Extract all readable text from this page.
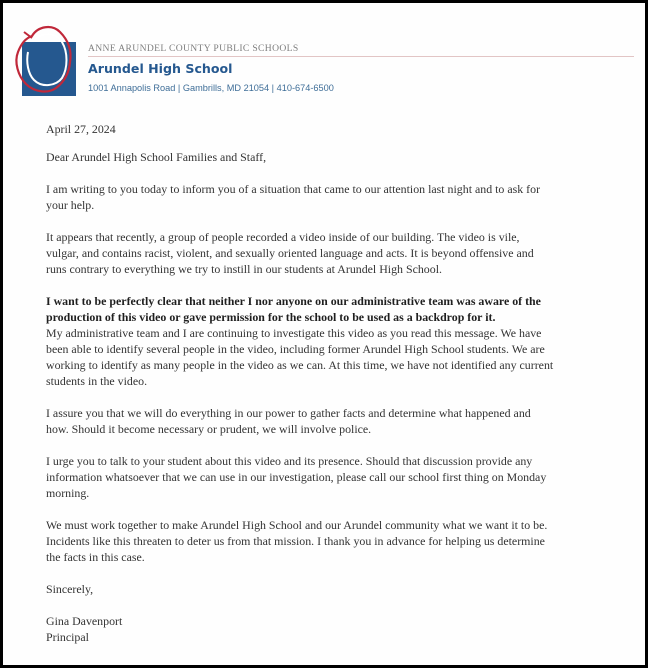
ANNE ARUNDEL COUNTY PUBLIC SCHOOLS
Arundel High School
1001 Annapolis Road | Gambrills, MD 21054 | 410-674-6500

April 27, 2024

Dear Arundel High School Families and Staff,

I am writing to you today to inform you of a situation that came to our attention last night and to ask for
your help.

It appears that recently, a group of people recorded a video inside of our building. The video is vile,
vulgar, and contains racist, violent, and sexually oriented language and acts. It is beyond offensive and
runs contrary to everything we try to instill in our students at Arundel High School.

I want to be perfectly clear that neither I nor anyone on our administrative team was aware of the
production of this video or gave permission for the school to be used as a backdrop for it.

My administrative team and I are continuing to investigate this video as you read this message. We have
been able to identify several people in the video, including former Arundel High School students. We are
working to identify as many people in the video as we can. At this time, we have not identified any current
students in the video.

I assure you that we will do everything in our power to gather facts and determine what happened and
how. Should it become necessary or prudent, we will involve police.

I urge you to talk to your student about this video and its presence. Should that discussion provide any
information whatsoever that we can use in our investigation, please call our school first thing on Monday
morning.

We must work together to make Arundel High School and our Arundel community what we want it to be.
Incidents like this threaten to deter us from that mission. I thank you in advance for helping us determine
the facts in this case.

Sincerely,

Gina Davenport
Principal
